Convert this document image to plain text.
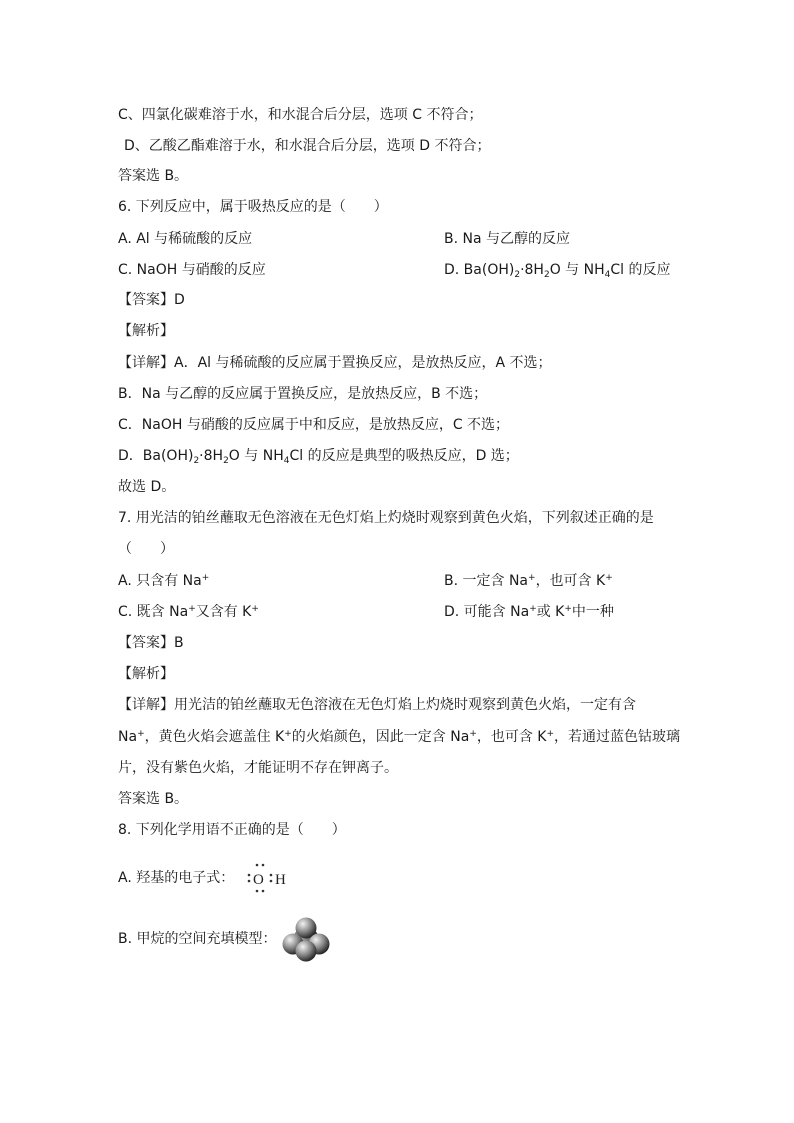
C、四氯化碳难溶于水，和水混合后分层，选项 C 不符合；
D、乙酸乙酯难溶于水，和水混合后分层，选项 D 不符合；
答案选 B。
6. 下列反应中，属于吸热反应的是（　　）
A. Al 与稀硫酸的反应	B. Na 与乙醇的反应
C. NaOH 与硝酸的反应	D. $Ba(OH)_2\cdot 8H_2O$ 与 $NH_4Cl$ 的反应
【答案】D
【解析】
【详解】A．Al 与稀硫酸的反应属于置换反应，是放热反应，A 不选；
B．Na 与乙醇的反应属于置换反应，是放热反应，B 不选；
C．NaOH 与硝酸的反应属于中和反应，是放热反应，C 不选；
D．$Ba(OH)_2\cdot 8H_2O$ 与 $NH_4Cl$ 的反应是典型的吸热反应，D 选；
故选 D。
7. 用光洁的铂丝蘸取无色溶液在无色灯焰上灼烧时观察到黄色火焰，下列叙述正确的是
（　　）
A. 只含有 Na+	B. 一定含 Na+，也可含 K+
C. 既含 Na+又含有 K+	D. 可能含 Na+或 K+中一种
【答案】B
【解析】
【详解】用光洁的铂丝蘸取无色溶液在无色灯焰上灼烧时观察到黄色火焰，一定有含
Na+，黄色火焰会遮盖住 K+的火焰颜色，因此一定含 Na+，也可含 K+，若通过蓝色钴玻璃
片，没有紫色火焰，才能证明不存在钾离子。
答案选 B。
8. 下列化学用语不正确的是（　　）
A. 羟基的电子式： O H
B. 甲烷的空间充填模型：
